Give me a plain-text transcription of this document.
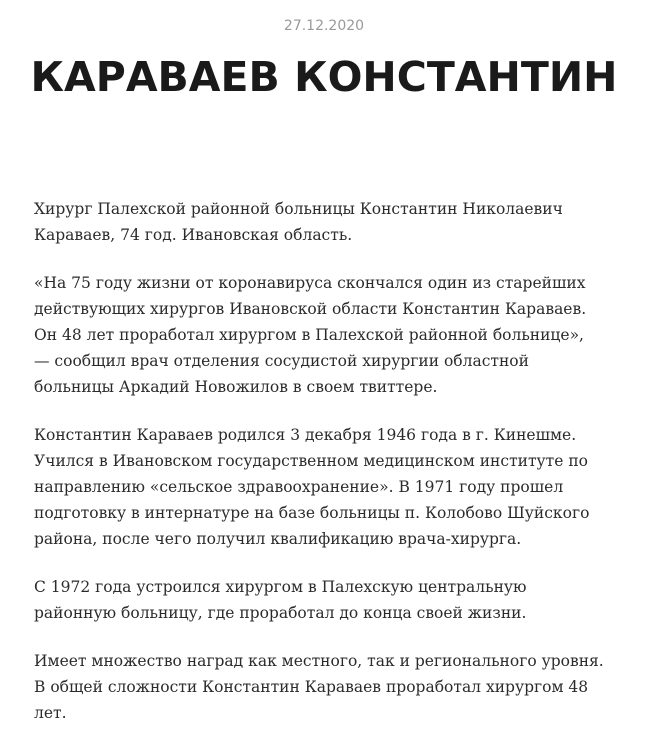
27.12.2020
КАРАВАЕВ КОНСТАНТИН

Хирург Палехской районной больницы Константин Николаевич
Караваев, 74 год. Ивановская область.

«На 75 году жизни от коронавируса скончался один из старейших
действующих хирургов Ивановской области Константин Караваев.
Он 48 лет проработал хирургом в Палехской районной больнице»,
— сообщил врач отделения сосудистой хирургии областной
больницы Аркадий Новожилов в своем твиттере.

Константин Караваев родился 3 декабря 1946 года в г. Кинешме.
Учился в Ивановском государственном медицинском институте по
направлению «сельское здравоохранение». В 1971 году прошел
подготовку в интернатуре на базе больницы п. Колобово Шуйского
района, после чего получил квалификацию врача-хирурга.

С 1972 года устроился хирургом в Палехскую центральную
районную больницу, где проработал до конца своей жизни.

Имеет множество наград как местного, так и регионального уровня.
В общей сложности Константин Караваев проработал хирургом 48
лет.
